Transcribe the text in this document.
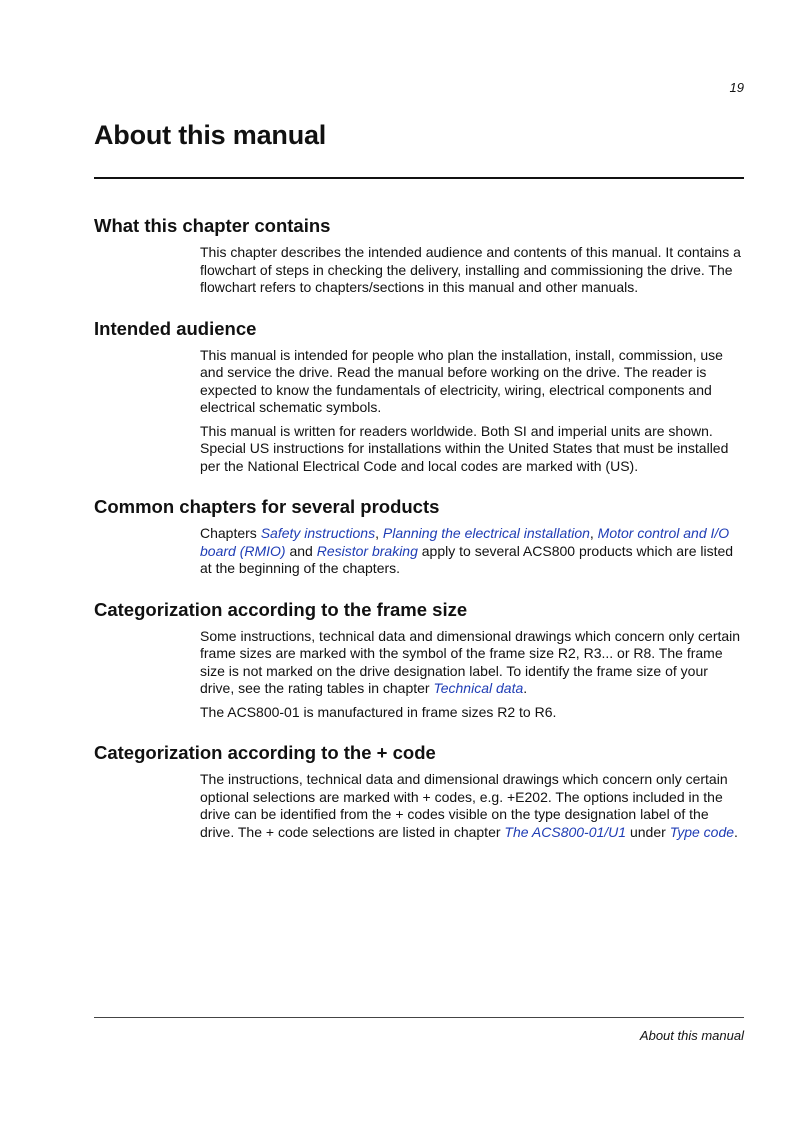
19
About this manual
What this chapter contains

This chapter describes the intended audience and contents of this manual. It contains a flowchart of steps in checking the delivery, installing and commissioning the drive. The flowchart refers to chapters/sections in this manual and other manuals.

Intended audience

This manual is intended for people who plan the installation, install, commission, use and service the drive. Read the manual before working on the drive. The reader is expected to know the fundamentals of electricity, wiring, electrical components and electrical schematic symbols.

This manual is written for readers worldwide. Both SI and imperial units are shown. Special US instructions for installations within the United States that must be installed per the National Electrical Code and local codes are marked with (US).

Common chapters for several products

Chapters Safety instructions, Planning the electrical installation, Motor control and I/O board (RMIO) and Resistor braking apply to several ACS800 products which are listed at the beginning of the chapters.

Categorization according to the frame size

Some instructions, technical data and dimensional drawings which concern only certain frame sizes are marked with the symbol of the frame size R2, R3... or R8. The frame size is not marked on the drive designation label. To identify the frame size of your drive, see the rating tables in chapter Technical data.

The ACS800-01 is manufactured in frame sizes R2 to R6.

Categorization according to the + code

The instructions, technical data and dimensional drawings which concern only certain optional selections are marked with + codes, e.g. +E202. The options included in the drive can be identified from the + codes visible on the type designation label of the drive. The + code selections are listed in chapter The ACS800-01/U1 under Type code.

About this manual
